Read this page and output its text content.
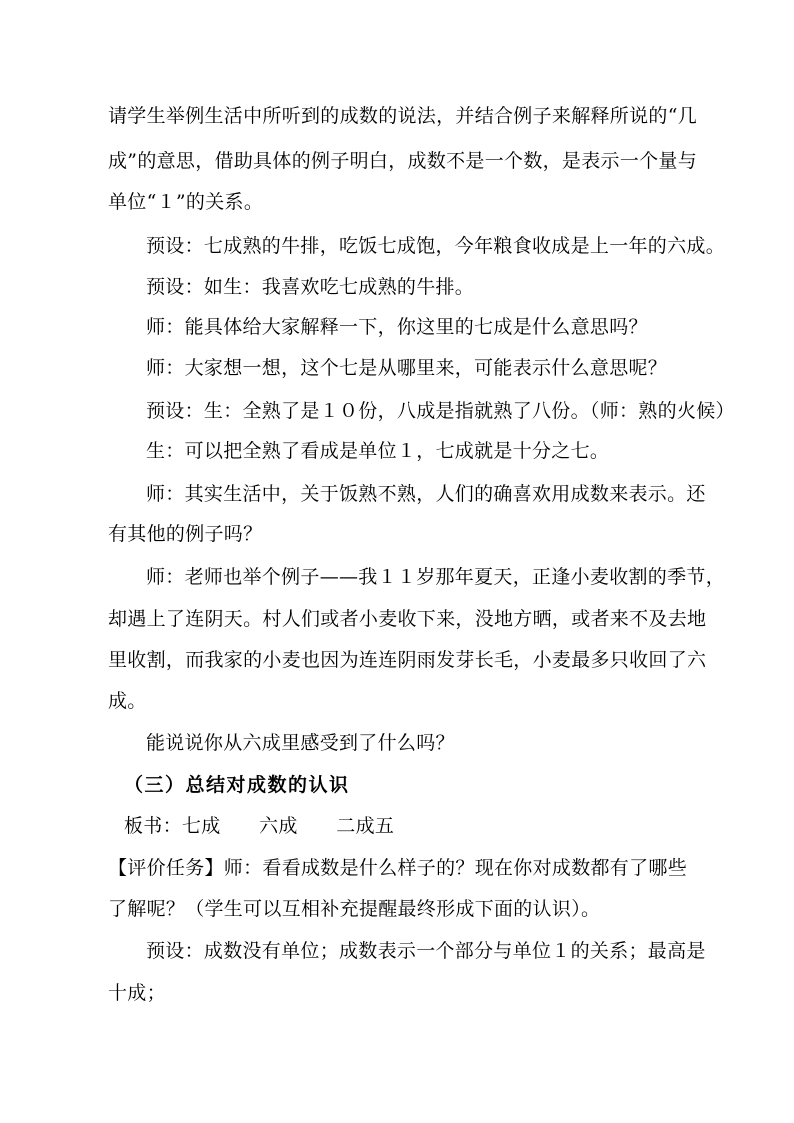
请学生举例生活中所听到的成数的说法，并结合例子来解释所说的“几
成”的意思，借助具体的例子明白，成数不是一个数，是表示一个量与
单位“１”的关系。
预设：七成熟的牛排，吃饭七成饱，今年粮食收成是上一年的六成。
预设：如生：我喜欢吃七成熟的牛排。
师：能具体给大家解释一下，你这里的七成是什么意思吗？
师：大家想一想，这个七是从哪里来，可能表示什么意思呢？
预设：生：全熟了是１０份，八成是指就熟了八份。（师：熟的火候）
生：可以把全熟了看成是单位１，七成就是十分之七。
师：其实生活中，关于饭熟不熟，人们的确喜欢用成数来表示。还
有其他的例子吗？
师：老师也举个例子——我１１岁那年夏天，正逢小麦收割的季节，
却遇上了连阴天。村人们或者小麦收下来，没地方晒，或者来不及去地
里收割，而我家的小麦也因为连连阴雨发芽长毛，小麦最多只收回了六
成。
能说说你从六成里感受到了什么吗？
（三）总结对成数的认识
板书：七成　　六成　　二成五
【评价任务】师：看看成数是什么样子的？现在你对成数都有了哪些
了解呢？（学生可以互相补充提醒最终形成下面的认识）。
预设：成数没有单位；成数表示一个部分与单位１的关系；最高是
十成；
